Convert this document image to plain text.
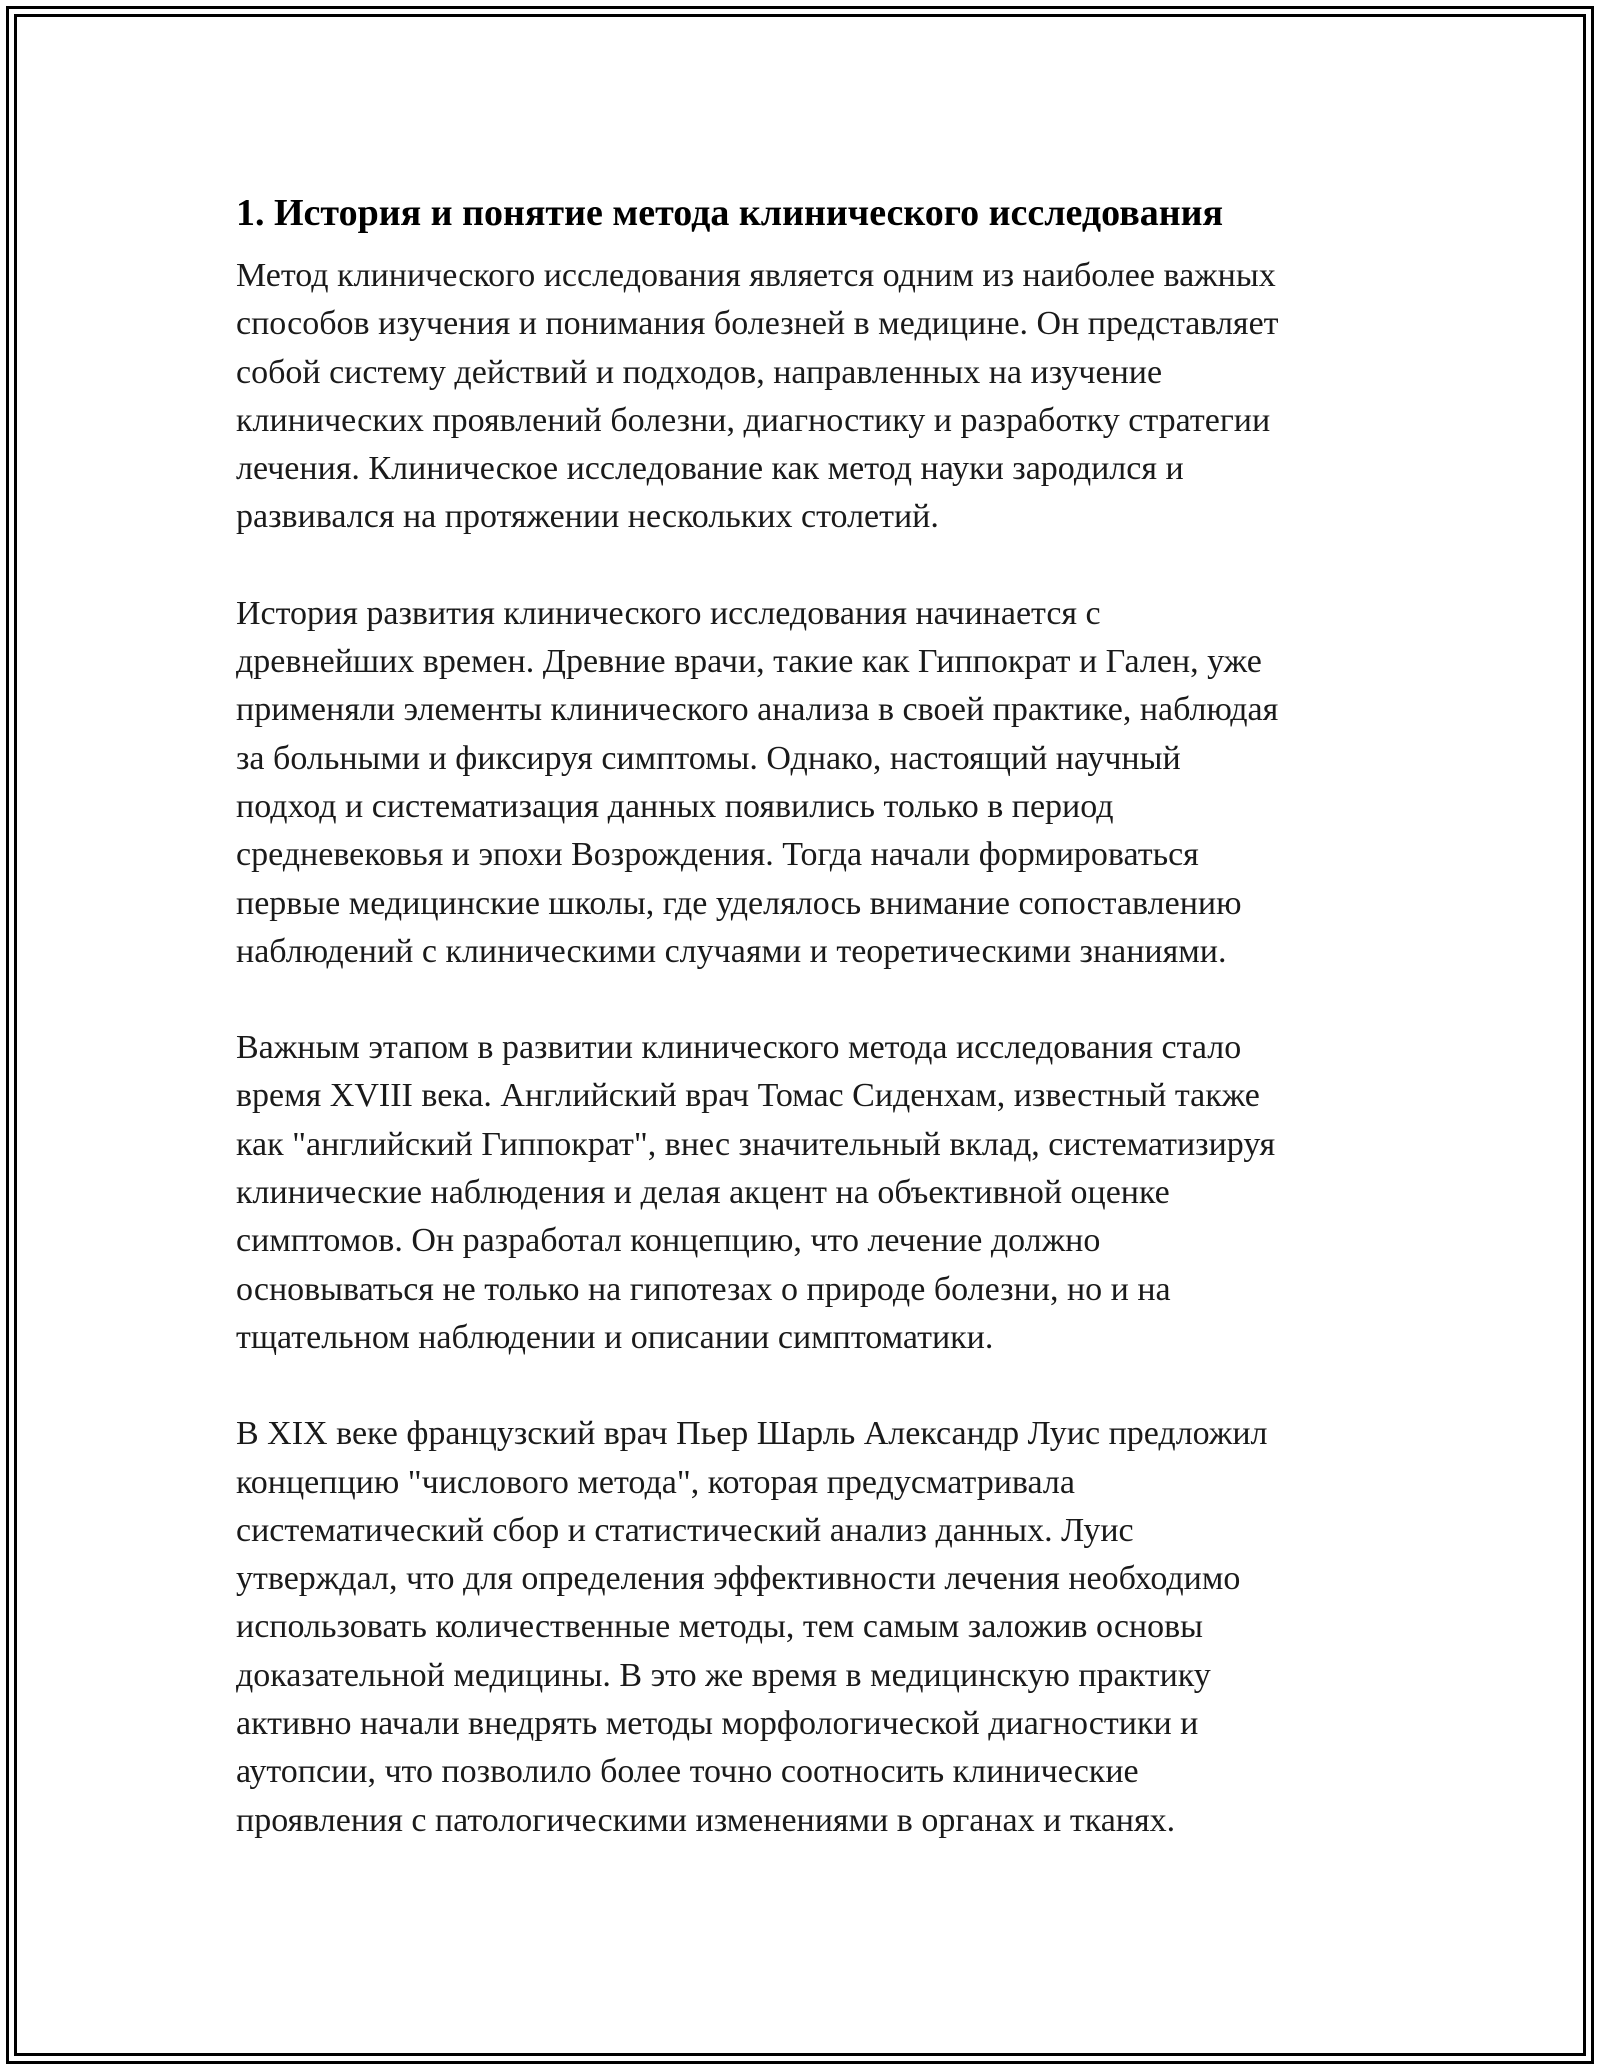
1. История и понятие метода клинического исследования
Метод клинического исследования является одним из наиболее важных
способов изучения и понимания болезней в медицине. Он представляет
собой систему действий и подходов, направленных на изучение
клинических проявлений болезни, диагностику и разработку стратегии
лечения. Клиническое исследование как метод науки зародился и
развивался на протяжении нескольких столетий.
История развития клинического исследования начинается с
древнейших времен. Древние врачи, такие как Гиппократ и Гален, уже
применяли элементы клинического анализа в своей практике, наблюдая
за больными и фиксируя симптомы. Однако, настоящий научный
подход и систематизация данных появились только в период
средневековья и эпохи Возрождения. Тогда начали формироваться
первые медицинские школы, где уделялось внимание сопоставлению
наблюдений с клиническими случаями и теоретическими знаниями.
Важным этапом в развитии клинического метода исследования стало
время XVIII века. Английский врач Томас Сиденхам, известный также
как "английский Гиппократ", внес значительный вклад, систематизируя
клинические наблюдения и делая акцент на объективной оценке
симптомов. Он разработал концепцию, что лечение должно
основываться не только на гипотезах о природе болезни, но и на
тщательном наблюдении и описании симптоматики.
В XIX веке французский врач Пьер Шарль Александр Луис предложил
концепцию "числового метода", которая предусматривала
систематический сбор и статистический анализ данных. Луис
утверждал, что для определения эффективности лечения необходимо
использовать количественные методы, тем самым заложив основы
доказательной медицины. В это же время в медицинскую практику
активно начали внедрять методы морфологической диагностики и
аутопсии, что позволило более точно соотносить клинические
проявления с патологическими изменениями в органах и тканях.
